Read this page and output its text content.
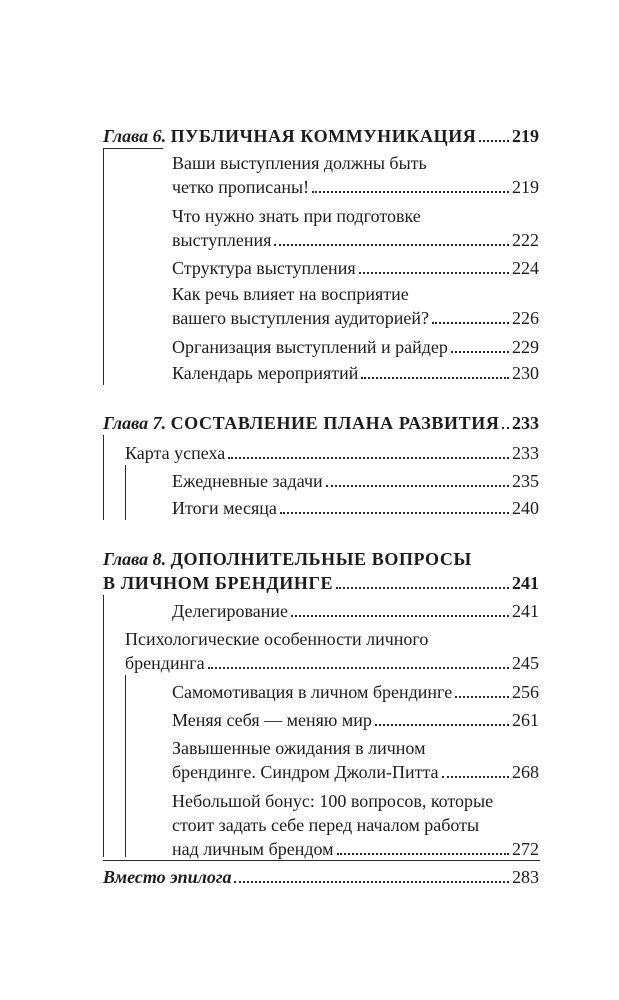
Глава 6. ПУБЛИЧНАЯ КОММУНИКАЦИЯ 219
Ваши выступления должны быть
четко прописаны!	219
Что нужно знать при подготовке
выступления	222
Структура выступления	224
Как речь влияет на восприятие
вашего выступления аудиторией?	226
Организация выступлений и райдер	229
Календарь мероприятий	230
Глава 7. СОСТАВЛЕНИЕ ПЛАНА РАЗВИТИЯ 233
Карта успеха	233
Ежедневные задачи	235
Итоги месяца	240
Глава 8. ДОПОЛНИТЕЛЬНЫЕ ВОПРОСЫ
В ЛИЧНОМ БРЕНДИНГЕ	241
Делегирование	241
Психологические особенности личного
брендинга	245
Самомотивация в личном брендинге	256
Меняя себя — меняю мир	261
Завышенные ожидания в личном
брендинге. Синдром Джоли-Питта	268
Небольшой бонус: 100 вопросов, которые
стоит задать себе перед началом работы
над личным брендом	272
Вместо эпилога	283
